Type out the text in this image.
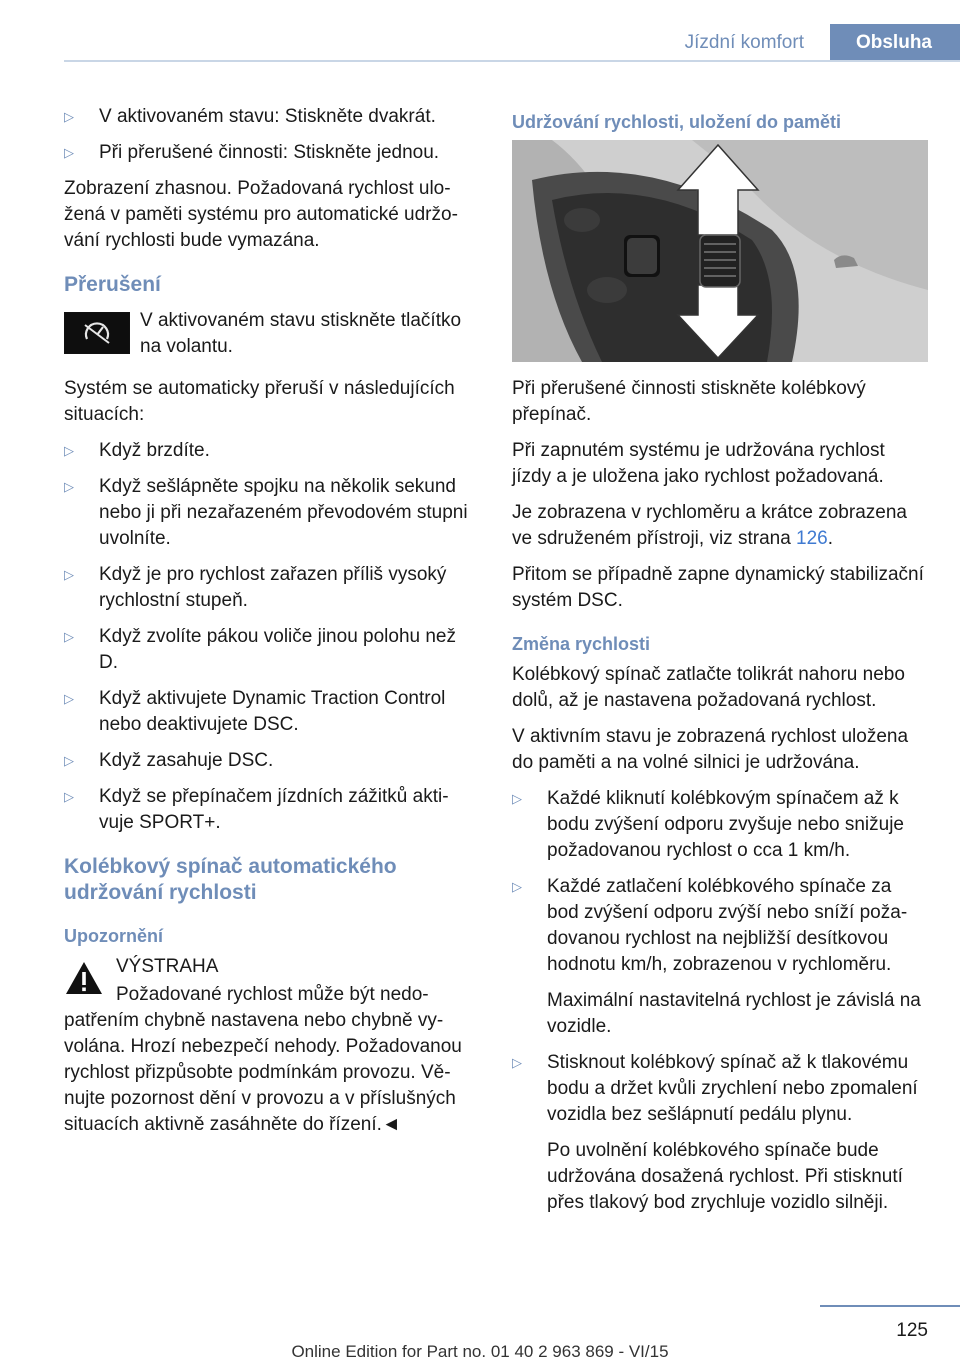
Jízdní komfort	Obsluha
▷ V aktivovaném stavu: Stiskněte dvakrát.
▷ Při přerušené činnosti: Stiskněte jednou.

Zobrazení zhasnou. Požadovaná rychlost uložená v paměti systému pro automatické udržování rychlosti bude vymazána.

Přerušení
V aktivovaném stavu stiskněte tlačítko na volantu.

Systém se automaticky přeruší v následujících situacích:

▷ Když brzdíte.
▷ Když sešlápněte spojku na několik sekund nebo ji při nezařazeném převodovém stupni uvolníte.
▷ Když je pro rychlost zařazen příliš vysoký rychlostní stupeň.
▷ Když zvolíte pákou voliče jinou polohu než D.
▷ Když aktivujete Dynamic Traction Control nebo deaktivujete DSC.
▷ Když zasahuje DSC.
▷ Když se přepínačem jízdních zážitků aktivuje SPORT+.
Kolébkový spínač automatického udržování rychlosti
Upozornění
VÝSTRAHA
Požadované rychlost může být nedopatřením chybně nastavena nebo chybně vyvolána. Hrozí nebezpečí nehody. Požadovanou rychlost přizpůsobte podmínkám provozu. Věnujte pozornost dění v provozu a v příslušných situacích aktivně zasáhněte do řízení.◄
Udržování rychlosti, uložení do paměti

Při přerušené činnosti stiskněte kolébkový přepínač.

Při zapnutém systému je udržována rychlost jízdy a je uložena jako rychlost požadovaná.

Je zobrazena v rychloměru a krátce zobrazena ve sdruženém přístroji, viz strana 126.

Přitom se případně zapne dynamický stabilizační systém DSC.

Změna rychlosti

Kolébkový spínač zatlačte tolikrát nahoru nebo dolů, až je nastavena požadovaná rychlost.

V aktivním stavu je zobrazená rychlost uložena do paměti a na volné silnici je udržována.

▷ Každé kliknutí kolébkovým spínačem až k bodu zvýšení odporu zvyšuje nebo snižuje požadovanou rychlost o cca 1 km/h.
▷ Každé zatlačení kolébkového spínače za bod zvýšení odporu zvýší nebo sníží požadovanou rychlost na nejbližší desítkovou hodnotu km/h, zobrazenou v rychloměru.
Maximální nastavitelná rychlost je závislá na vozidle.
▷ Stisknout kolébkový spínač až k tlakovému bodu a držet kvůli zrychlení nebo zpomalení vozidla bez sešlápnutí pedálu plynu.
Po uvolnění kolébkového spínače bude udržována dosažená rychlost. Při stisknutí přes tlakový bod zrychluje vozidlo silněji.
125
Online Edition for Part no. 01 40 2 963 869 - VI/15
